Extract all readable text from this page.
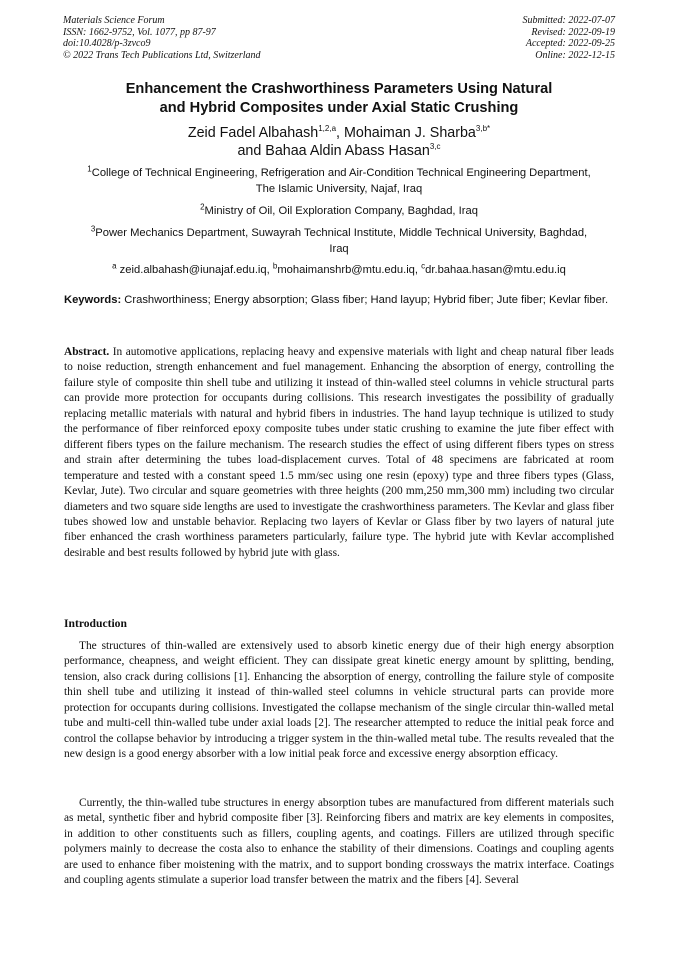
Materials Science Forum
ISSN: 1662-9752, Vol. 1077, pp 87-97
doi:10.4028/p-3zvco9
© 2022 Trans Tech Publications Ltd, Switzerland
Submitted: 2022-07-07
Revised: 2022-09-19
Accepted: 2022-09-25
Online: 2022-12-15
Enhancement the Crashworthiness Parameters Using Natural
and Hybrid Composites under Axial Static Crushing
Zeid Fadel Albahash$^{1,2,a}$, Mohaiman J. Sharba$^{3,b*}$
and Bahaa Aldin Abass Hasan$^{3,c}$
$^1$College of Technical Engineering, Refrigeration and Air-Condition Technical Engineering Department, The Islamic University, Najaf, Iraq
$^2$Ministry of Oil, Oil Exploration Company, Baghdad, Iraq
$^3$Power Mechanics Department, Suwayrah Technical Institute, Middle Technical University, Baghdad, Iraq
$^a$ zeid.albahash@iunajaf.edu.iq, $^b$mohaimanshrb@mtu.edu.iq, $^c$dr.bahaa.hasan@mtu.edu.iq
Keywords: Crashworthiness; Energy absorption; Glass fiber; Hand layup; Hybrid fiber; Jute fiber; Kevlar fiber.
Abstract. In automotive applications, replacing heavy and expensive materials with light and cheap natural fiber leads to noise reduction, strength enhancement and fuel management. Enhancing the absorption of energy, controlling the failure style of composite thin shell tube and utilizing it instead of thin-walled steel columns in vehicle structural parts can provide more protection for occupants during collisions. This research investigates the possibility of gradually replacing metallic materials with natural and hybrid fibers in industries. The hand layup technique is utilized to study the performance of fiber reinforced epoxy composite tubes under static crushing to examine the jute fiber effect with different fibers types on the failure mechanism. The research studies the effect of using different fibers types on stress and strain after determining the tubes load-displacement curves. Total of 48 specimens are fabricated at room temperature and tested with a constant speed 1.5 mm/sec using one resin (epoxy) type and three fibers types (Glass, Kevlar, Jute). Two circular and square geometries with three heights (200 mm,250 mm,300 mm) including two circular diameters and two square side lengths are used to investigate the crashworthiness parameters. The Kevlar and glass fiber tubes showed low and unstable behavior. Replacing two layers of Kevlar or Glass fiber by two layers of natural jute fiber enhanced the crash worthiness parameters particularly, failure type. The hybrid jute with Kevlar accomplished desirable and best results followed by hybrid jute with glass.
Introduction
The structures of thin-walled are extensively used to absorb kinetic energy due of their high energy absorption performance, cheapness, and weight efficient. They can dissipate great kinetic energy amount by splitting, bending, tension, also crack during collisions [1]. Enhancing the absorption of energy, controlling the failure style of composite thin shell tube and utilizing it instead of thin-walled steel columns in vehicle structural parts can provide more protection for occupants during collisions. Investigated the collapse mechanism of the single circular thin-walled metal tube and multi-cell thin-walled tube under axial loads [2]. The researcher attempted to reduce the initial peak force and control the collapse behavior by introducing a trigger system in the thin-walled metal tube. The results revealed that the new design is a good energy absorber with a low initial peak force and excessive energy absorption efficacy.
Currently, the thin-walled tube structures in energy absorption tubes are manufactured from different materials such as metal, synthetic fiber and hybrid composite fiber [3]. Reinforcing fibers and matrix are key elements in composites, in addition to other constituents such as fillers, coupling agents, and coatings. Fillers are utilized through specific polymers mainly to decrease the costa also to enhance the stability of their dimensions. Coatings and coupling agents are used to enhance fiber moistening with the matrix, and to support bonding crossways the matrix interface. Coatings and coupling agents stimulate a superior load transfer between the matrix and the fibers [4]. Several
